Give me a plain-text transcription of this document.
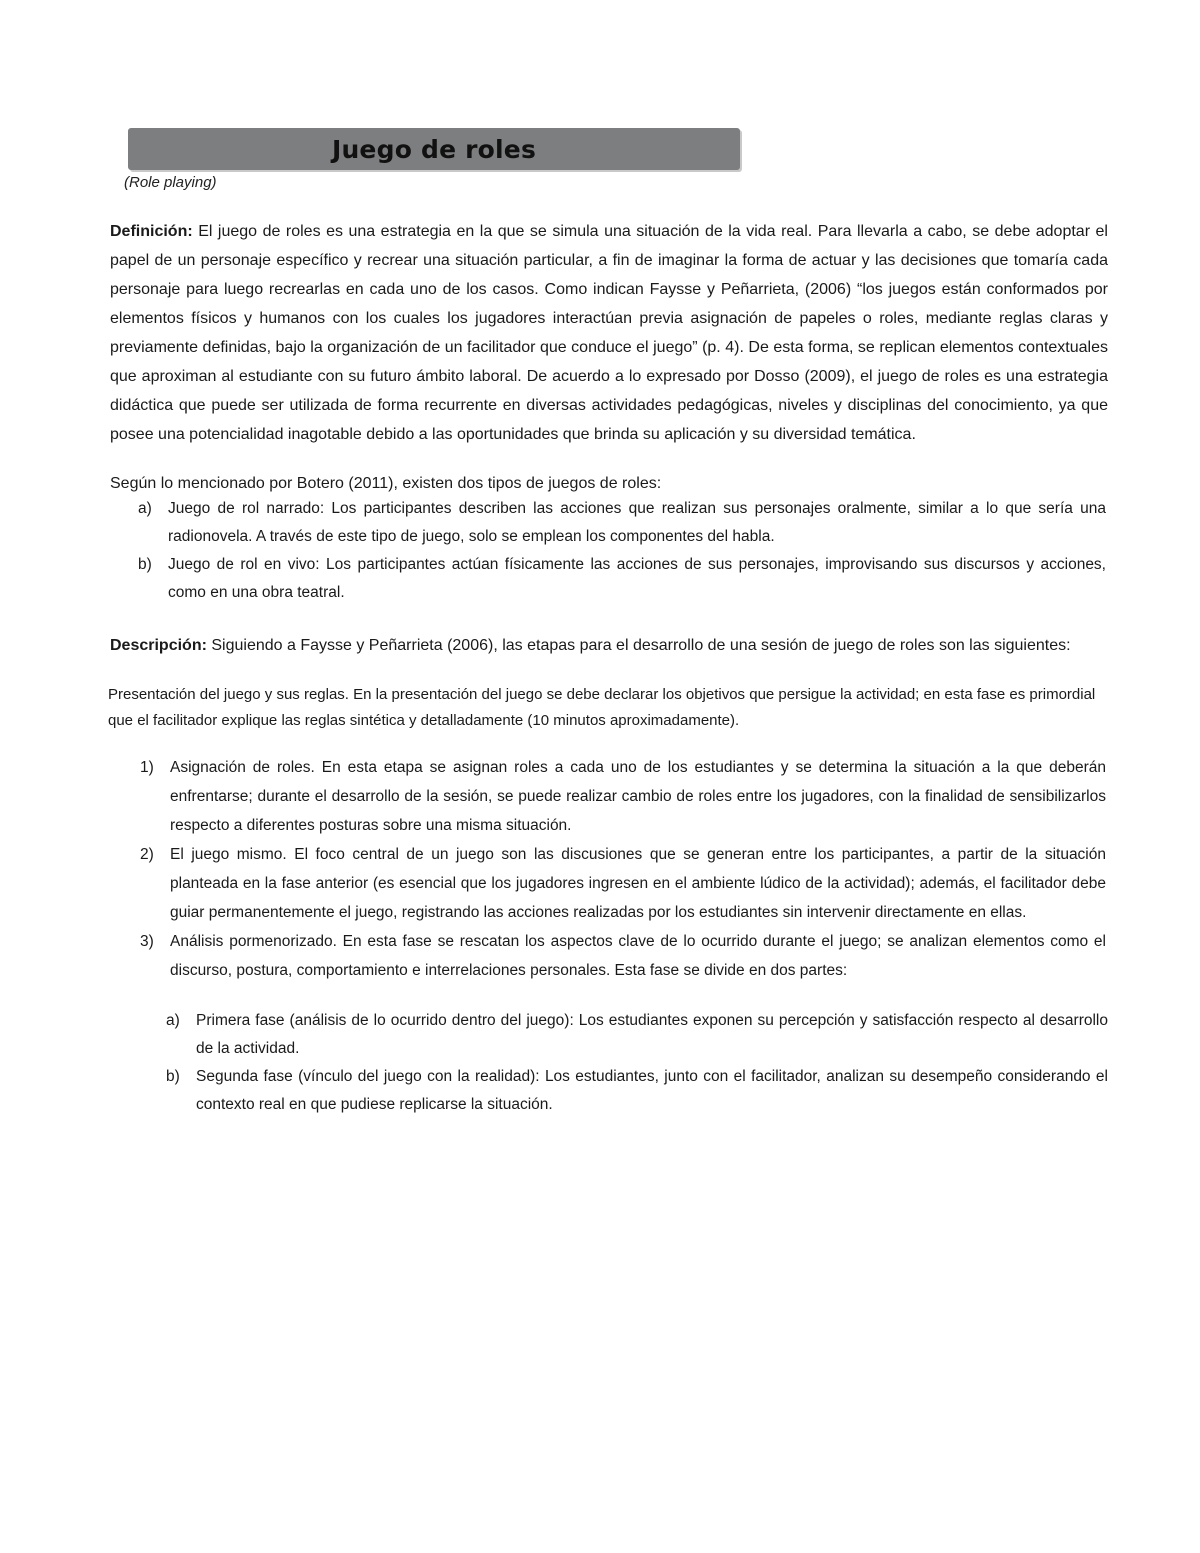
Juego de roles
(Role playing)
Definición: El juego de roles es una estrategia en la que se simula una situación de la vida real. Para llevarla a cabo, se debe adoptar el papel de un personaje específico y recrear una situación particular, a fin de imaginar la forma de actuar y las decisiones que tomaría cada personaje para luego recrearlas en cada uno de los casos. Como indican Faysse y Peñarrieta, (2006) “los juegos están conformados por elementos físicos y humanos con los cuales los jugadores interactúan previa asignación de papeles o roles, mediante reglas claras y previamente definidas, bajo la organización de un facilitador que conduce el juego” (p. 4). De esta forma, se replican elementos contextuales que aproximan al estudiante con su futuro ámbito laboral. De acuerdo a lo expresado por Dosso (2009), el juego de roles es una estrategia didáctica que puede ser utilizada de forma recurrente en diversas actividades pedagógicas, niveles y disciplinas del conocimiento, ya que posee una potencialidad inagotable debido a las oportunidades que brinda su aplicación y su diversidad temática.
Según lo mencionado por Botero (2011), existen dos tipos de juegos de roles:
a) Juego de rol narrado: Los participantes describen las acciones que realizan sus personajes oralmente, similar a lo que sería una radionovela. A través de este tipo de juego, solo se emplean los componentes del habla.
b) Juego de rol en vivo: Los participantes actúan físicamente las acciones de sus personajes, improvisando sus discursos y acciones, como en una obra teatral.
Descripción: Siguiendo a Faysse y Peñarrieta (2006), las etapas para el desarrollo de una sesión de juego de roles son las siguientes:
Presentación del juego y sus reglas. En la presentación del juego se debe declarar los objetivos que persigue la actividad; en esta fase es primordial que el facilitador explique las reglas sintética y detalladamente (10 minutos aproximadamente).
1) Asignación de roles. En esta etapa se asignan roles a cada uno de los estudiantes y se determina la situación a la que deberán enfrentarse; durante el desarrollo de la sesión, se puede realizar cambio de roles entre los jugadores, con la finalidad de sensibilizarlos respecto a diferentes posturas sobre una misma situación.
2) El juego mismo. El foco central de un juego son las discusiones que se generan entre los participantes, a partir de la situación planteada en la fase anterior (es esencial que los jugadores ingresen en el ambiente lúdico de la actividad); además, el facilitador debe guiar permanentemente el juego, registrando las acciones realizadas por los estudiantes sin intervenir directamente en ellas.
3) Análisis pormenorizado. En esta fase se rescatan los aspectos clave de lo ocurrido durante el juego; se analizan elementos como el discurso, postura, comportamiento e interrelaciones personales. Esta fase se divide en dos partes:
a) Primera fase (análisis de lo ocurrido dentro del juego): Los estudiantes exponen su percepción y satisfacción respecto al desarrollo de la actividad.
b) Segunda fase (vínculo del juego con la realidad): Los estudiantes, junto con el facilitador, analizan su desempeño considerando el contexto real en que pudiese replicarse la situación.
